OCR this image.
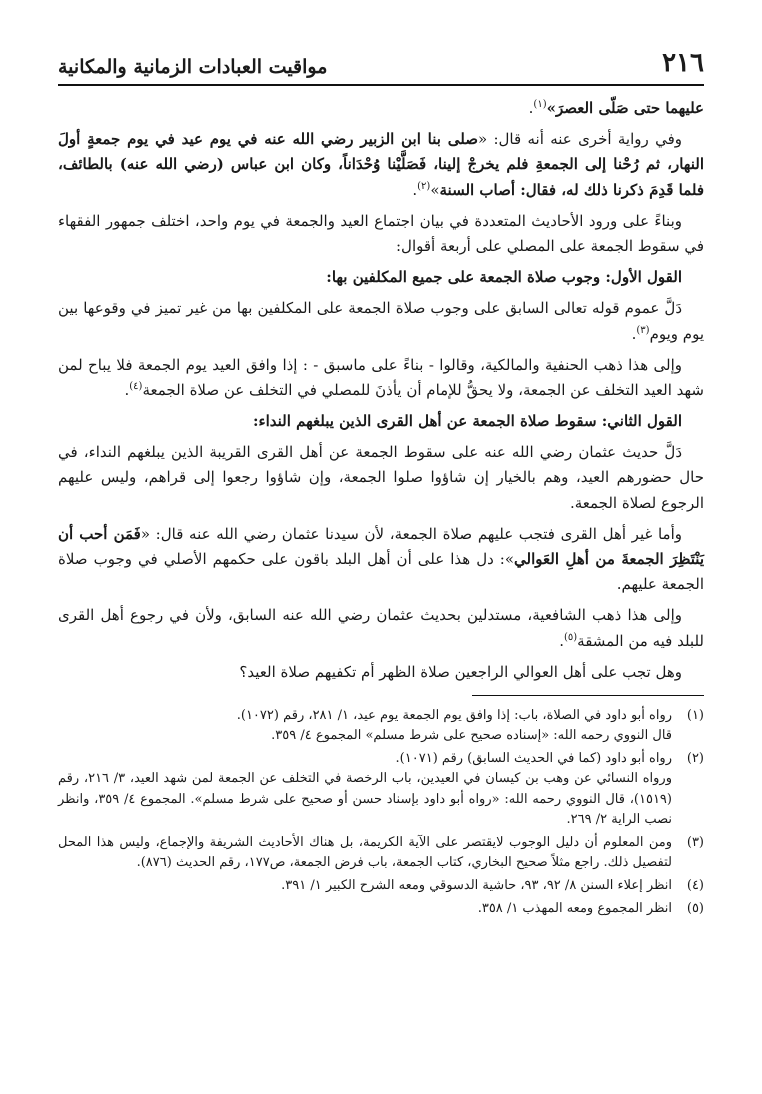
٢١٦
مواقيت العبادات الزمانية والمكانية

عليهما حتى صَلّى العصرَ»$^{(١)}$.

وفي رواية أخرى عنه أنه قال: «صلى بنا ابن الزبير رضي الله عنه في يوم عيد في يوم جمعةٍ أولَ النهار، ثم رُحْنا إلى الجمعةِ فلم يخرجْ إلينا، فَصَلَّيْنا وُحْدَاناً، وكان ابن عباس (رضي الله عنه) بالطائف، فلما قَدِمَ ذكرنا ذلك له، فقال: أصاب السنة»$^{(٢)}$.

وبناءً على ورود الأحاديث المتعددة في بيان اجتماع العيد والجمعة في يوم واحد، اختلف جمهور الفقهاء في سقوط الجمعة على المصلي على أربعة أقوال:

القول الأول: وجوب صلاة الجمعة على جميع المكلفين بها:

دَلَّ عموم قوله تعالى السابق على وجوب صلاة الجمعة على المكلفين بها من غير تميز في وقوعها بين يوم ويوم$^{(٣)}$.

وإلى هذا ذهب الحنفية والمالكية، وقالوا - بناءً على ماسبق - : إذا وافق العيد يوم الجمعة فلا يباح لمن شهد العيد التخلف عن الجمعة، ولا يحقُّ للإمام أن يأذنَ للمصلي في التخلف عن صلاة الجمعة$^{(٤)}$.

القول الثاني: سقوط صلاة الجمعة عن أهل القرى الذين يبلغهم النداء:

دَلَّ حديث عثمان رضي الله عنه على سقوط الجمعة عن أهل القرى القريبة الذين يبلغهم النداء، في حال حضورهم العيد، وهم بالخيار إن شاؤوا صلوا الجمعة، وإن شاؤوا رجعوا إلى قراهم، وليس عليهم الرجوع لصلاة الجمعة.

وأما غير أهل القرى فتجب عليهم صلاة الجمعة، لأن سيدنا عثمان رضي الله عنه قال: «فَمَن أحب أن يَنْتَظِرَ الجمعةَ من أهلِ العَوالي»: دل هذا على أن أهل البلد باقون على حكمهم الأصلي في وجوب صلاة الجمعة عليهم.

وإلى هذا ذهب الشافعية، مستدلين بحديث عثمان رضي الله عنه السابق، ولأن في رجوع أهل القرى للبلد فيه من المشقة$^{(٥)}$.

وهل تجب على أهل العوالي الراجعين صلاة الظهر أم تكفيهم صلاة العيد؟

(١)
رواه أبو داود في الصلاة، باب: إذا وافق يوم الجمعة يوم عيد، ١/ ٢٨١، رقم (١٠٧٢).
قال النووي رحمه الله: «إسناده صحيح على شرط مسلم» المجموع ٤/ ٣٥٩.
(٢)
رواه أبو داود (كما في الحديث السابق) رقم (١٠٧١).
ورواه النسائي عن وهب بن كيسان في العيدين، باب الرخصة في التخلف عن الجمعة لمن شهد العيد، ٣/ ٢١٦، رقم (١٥١٩)، قال النووي رحمه الله: «رواه أبو داود بإسناد حسن أو صحيح على شرط مسلم». المجموع ٤/ ٣٥٩، وانظر نصب الراية ٢/ ٢٦٩.
(٣)
ومن المعلوم أن دليل الوجوب لايقتصر على الآية الكريمة، بل هناك الأحاديث الشريفة والإجماع، وليس هذا المحل لتفصيل ذلك. راجع مثلاً صحيح البخاري، كتاب الجمعة، باب فرض الجمعة، ص١٧٧، رقم الحديث (٨٧٦).
(٤)
انظر إعلاء السنن ٨/ ٩٢، ٩٣، حاشية الدسوقي ومعه الشرح الكبير ١/ ٣٩١.
(٥)
انظر المجموع ومعه المهذب ١/ ٣٥٨.
